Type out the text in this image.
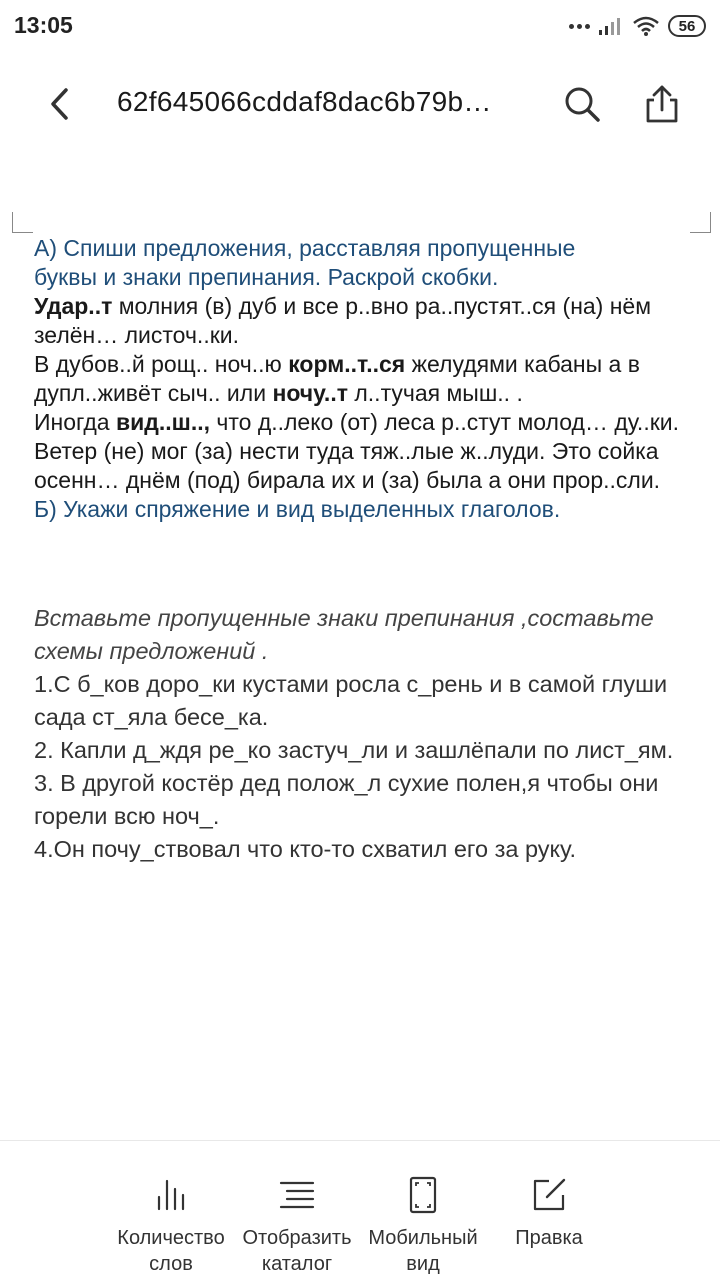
13:05	56
62f645066cddaf8dac6b79b…

А) Спиши предложения, расставляя пропущенные
буквы и знаки препинания. Раскрой скобки.

Удар..т молния (в) дуб и все р..вно ра..пустят..ся (на) нём зелён… листоч..ки.

В дубов..й рощ.. ноч..ю корм..т..ся желудями кабаны а в дупл..живёт сыч.. или ночу..т л..тучая мыш.. .

Иногда вид..ш.., что д..леко (от) леса р..стут молод… ду..ки. Ветер (не) мог (за) нести туда тяж..лые ж..луди. Это сойка осенн… днём (под) бирала их и (за) была а они прор..сли.

Б) Укажи спряжение и вид выделенных глаголов.

Вставьте пропущенные знаки препинания ,составьте схемы предложений .

1.С б_ков доро_ки кустами росла с_рень и в самой глуши сада ст_яла бесе_ка.

2. Капли д_ждя ре_ко застуч_ли и зашлёпали по лист_ям.

3. В другой костёр дед полож_л сухие полен,я чтобы они горели всю ноч_.

4.Он почу_ствовал что кто-то схватил его за руку.

Количество
слов
Отобразить
каталог
Мобильный
вид
Правка
